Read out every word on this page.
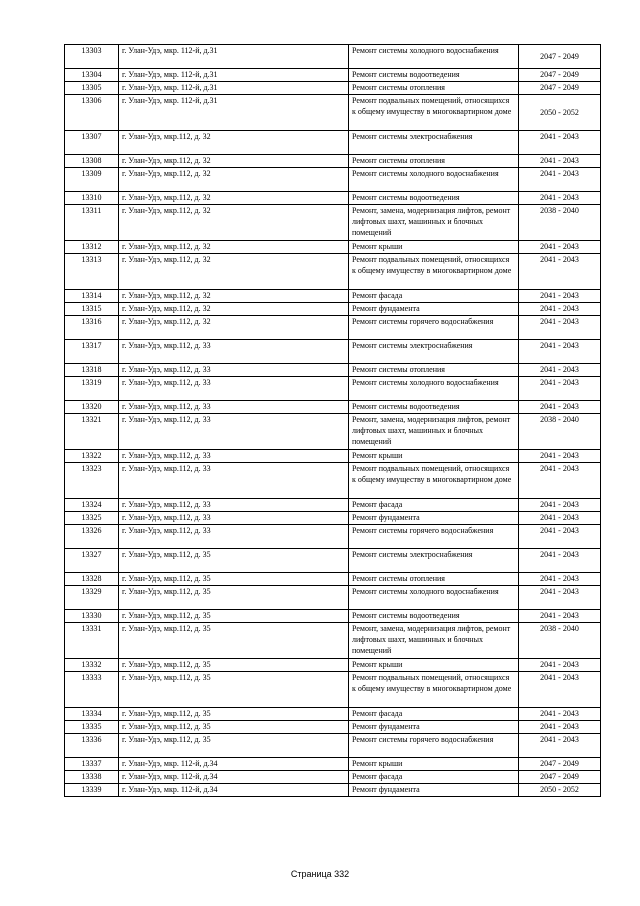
13303	г. Улан-Удэ, мкр. 112-й, д.31	Ремонт системы холодного водоснабжения	2047 - 2049
13304	г. Улан-Удэ, мкр. 112-й, д.31	Ремонт системы водоотведения	2047 - 2049
13305	г. Улан-Удэ, мкр. 112-й, д.31	Ремонт системы отопления	2047 - 2049
13306	г. Улан-Удэ, мкр. 112-й, д.31	Ремонт подвальных помещений, относящихся к общему имуществу в многоквартирном доме	2050 - 2052
13307	г. Улан-Удэ, мкр.112, д. 32	Ремонт системы электроснабжения	2041 - 2043
13308	г. Улан-Удэ, мкр.112, д. 32	Ремонт системы отопления	2041 - 2043
13309	г. Улан-Удэ, мкр.112, д. 32	Ремонт системы холодного водоснабжения	2041 - 2043
13310	г. Улан-Удэ, мкр.112, д. 32	Ремонт системы водоотведения	2041 - 2043
13311	г. Улан-Удэ, мкр.112, д. 32	Ремонт, замена, модернизация лифтов, ремонт лифтовых шахт, машинных и блочных помещений	2038 - 2040
13312	г. Улан-Удэ, мкр.112, д. 32	Ремонт крыши	2041 - 2043
13313	г. Улан-Удэ, мкр.112, д. 32	Ремонт подвальных помещений, относящихся к общему имуществу в многоквартирном доме	2041 - 2043
13314	г. Улан-Удэ, мкр.112, д. 32	Ремонт фасада	2041 - 2043
13315	г. Улан-Удэ, мкр.112, д. 32	Ремонт фундамента	2041 - 2043
13316	г. Улан-Удэ, мкр.112, д. 32	Ремонт системы горячего водоснабжения	2041 - 2043
13317	г. Улан-Удэ, мкр.112, д. 33	Ремонт системы электроснабжения	2041 - 2043
13318	г. Улан-Удэ, мкр.112, д. 33	Ремонт системы отопления	2041 - 2043
13319	г. Улан-Удэ, мкр.112, д. 33	Ремонт системы холодного водоснабжения	2041 - 2043
13320	г. Улан-Удэ, мкр.112, д. 33	Ремонт системы водоотведения	2041 - 2043
13321	г. Улан-Удэ, мкр.112, д. 33	Ремонт, замена, модернизация лифтов, ремонт лифтовых шахт, машинных и блочных помещений	2038 - 2040
13322	г. Улан-Удэ, мкр.112, д. 33	Ремонт крыши	2041 - 2043
13323	г. Улан-Удэ, мкр.112, д. 33	Ремонт подвальных помещений, относящихся к общему имуществу в многоквартирном доме	2041 - 2043
13324	г. Улан-Удэ, мкр.112, д. 33	Ремонт фасада	2041 - 2043
13325	г. Улан-Удэ, мкр.112, д. 33	Ремонт фундамента	2041 - 2043
13326	г. Улан-Удэ, мкр.112, д. 33	Ремонт системы горячего водоснабжения	2041 - 2043
13327	г. Улан-Удэ, мкр.112, д. 35	Ремонт системы электроснабжения	2041 - 2043
13328	г. Улан-Удэ, мкр.112, д. 35	Ремонт системы отопления	2041 - 2043
13329	г. Улан-Удэ, мкр.112, д. 35	Ремонт системы холодного водоснабжения	2041 - 2043
13330	г. Улан-Удэ, мкр.112, д. 35	Ремонт системы водоотведения	2041 - 2043
13331	г. Улан-Удэ, мкр.112, д. 35	Ремонт, замена, модернизация лифтов, ремонт лифтовых шахт, машинных и блочных помещений	2038 - 2040
13332	г. Улан-Удэ, мкр.112, д. 35	Ремонт крыши	2041 - 2043
13333	г. Улан-Удэ, мкр.112, д. 35	Ремонт подвальных помещений, относящихся к общему имуществу в многоквартирном доме	2041 - 2043
13334	г. Улан-Удэ, мкр.112, д. 35	Ремонт фасада	2041 - 2043
13335	г. Улан-Удэ, мкр.112, д. 35	Ремонт фундамента	2041 - 2043
13336	г. Улан-Удэ, мкр.112, д. 35	Ремонт системы горячего водоснабжения	2041 - 2043
13337	г. Улан-Удэ, мкр. 112-й, д.34	Ремонт крыши	2047 - 2049
13338	г. Улан-Удэ, мкр. 112-й, д.34	Ремонт фасада	2047 - 2049
13339	г. Улан-Удэ, мкр. 112-й, д.34	Ремонт фундамента	2050 - 2052
Страница 332
